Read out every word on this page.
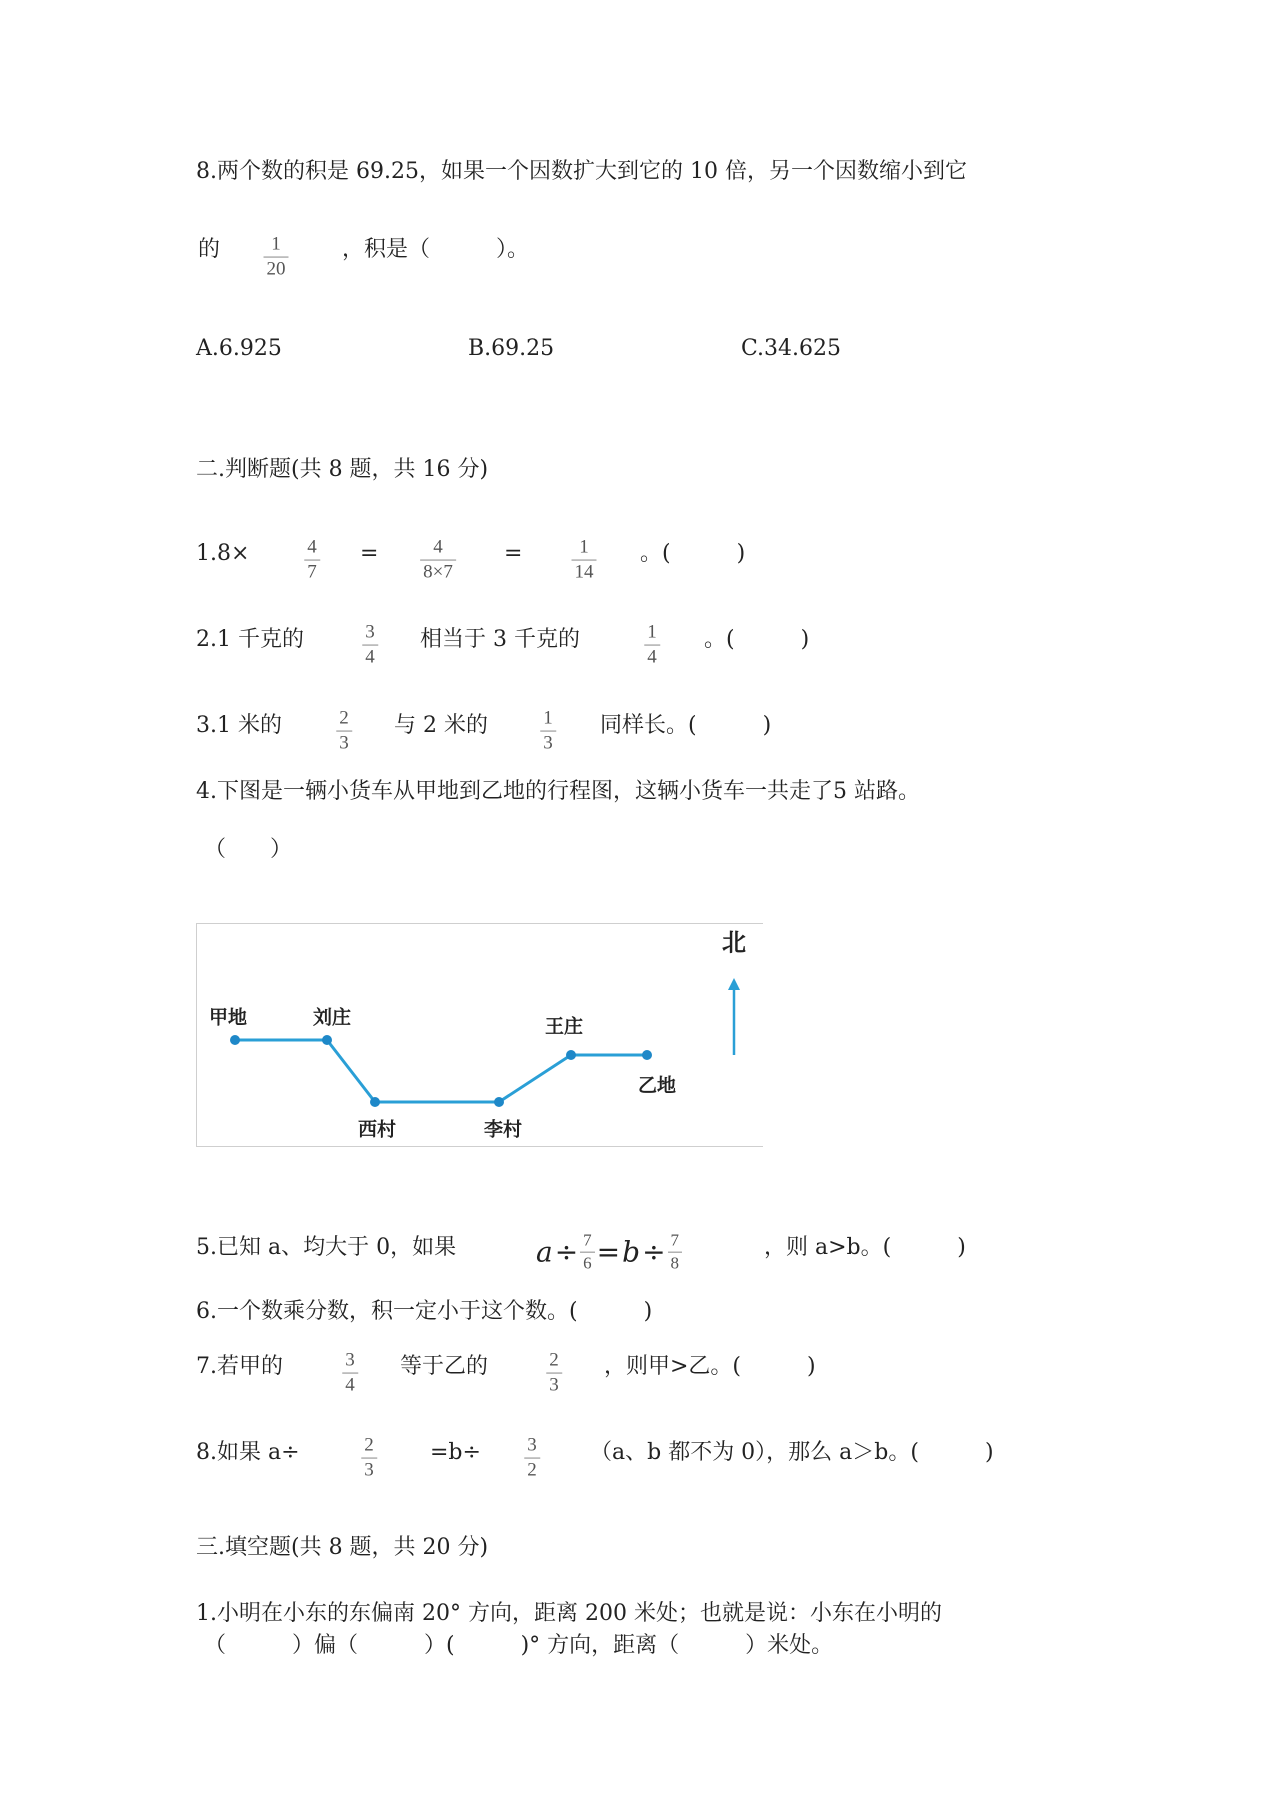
8.两个数的积是 69.25，如果一个因数扩大到它的 10 倍，另一个因数缩小到它
的	1
20
，积是（　　　）。
A.6.925	B.69.25	C.34.625
二.判断题(共 8 题，共 16 分)
1.8×	4
7
=	4
8×7
=	1
14
。(　　　)
2.1 千克的	3
4
相当于 3 千克的	1
4
。(　　　)
3.1 米的	2
3
与 2 米的	1
3
同样长。(　　　)
4.下图是一辆小货车从甲地到乙地的行程图，这辆小货车一共走了5 站路。
（　　）
甲地	刘庄
西村	李村
王庄
乙地
北
5.已知 a、均大于 0，如果	$a \div \frac{7}{6} = b \div \frac{7}{8}$	，则 a>b。(　　　)
6.一个数乘分数，积一定小于这个数。(　　　)
7.若甲的	3
4
等于乙的	2
3
，则甲>乙。(　　　)
8.如果 a÷	2
3
=b÷ 3
2
（a、b 都不为 0），那么 a＞b。(　　　)
三.填空题(共 8 题，共 20 分)
1.小明在小东的东偏南 20° 方向，距离 200 米处；也就是说：小东在小明的
（　　　）偏（　　　）(　　　)° 方向，距离（　　　）米处。
